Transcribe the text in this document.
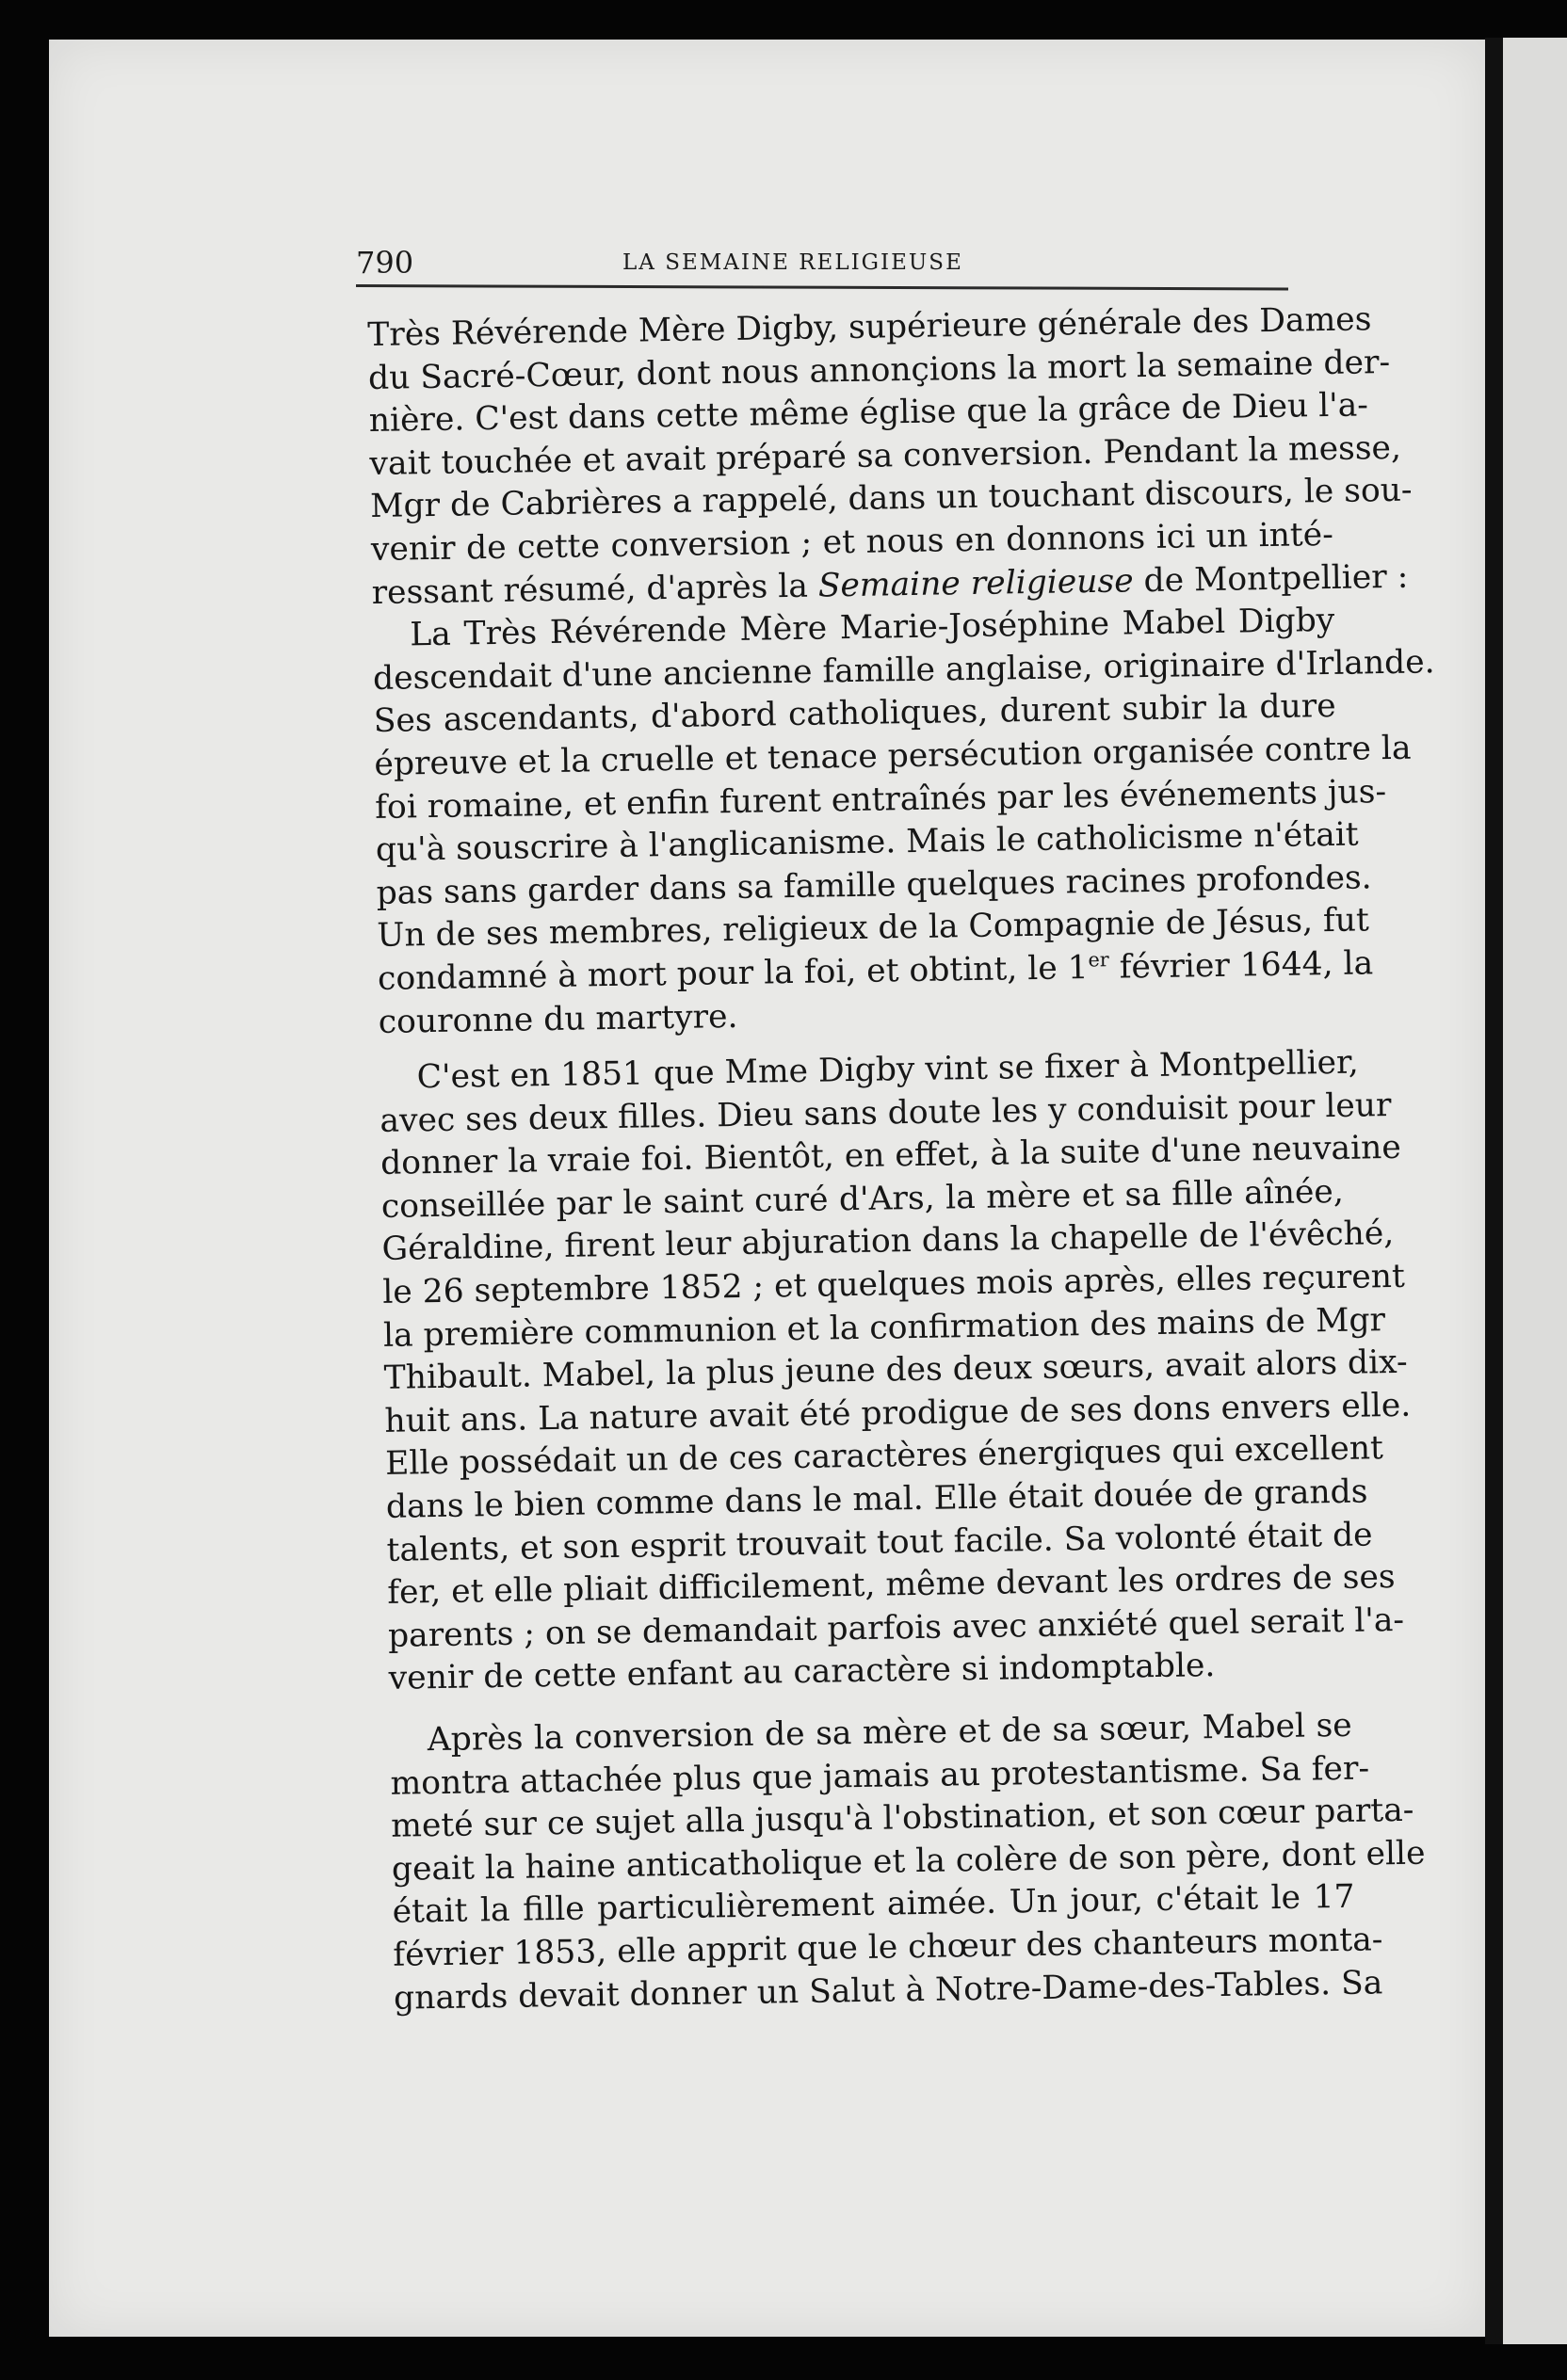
790	LA SEMAINE RELIGIEUSE
Très Révérende Mère Digby, supérieure générale des Dames
du Sacré-Cœur, dont nous annonçions la mort la semaine der-
nière. C'est dans cette même église que la grâce de Dieu l'a-
vait touchée et avait préparé sa conversion. Pendant la messe,
Mgr de Cabrières a rappelé, dans un touchant discours, le sou-
venir de cette conversion ; et nous en donnons ici un inté-
ressant résumé, d'après la Semaine religieuse de Montpellier :
La Très Révérende Mère Marie-Joséphine Mabel Digby
descendait d'une ancienne famille anglaise, originaire d'Irlande.
Ses ascendants, d'abord catholiques, durent subir la dure
épreuve et la cruelle et tenace persécution organisée contre la
foi romaine, et enfin furent entraînés par les événements jus-
qu'à souscrire à l'anglicanisme. Mais le catholicisme n'était
pas sans garder dans sa famille quelques racines profondes.
Un de ses membres, religieux de la Compagnie de Jésus, fut
condamné à mort pour la foi, et obtint, le 1er février 1644, la
couronne du martyre.
C'est en 1851 que Mme Digby vint se fixer à Montpellier,
avec ses deux filles. Dieu sans doute les y conduisit pour leur
donner la vraie foi. Bientôt, en effet, à la suite d'une neuvaine
conseillée par le saint curé d'Ars, la mère et sa fille aînée,
Géraldine, firent leur abjuration dans la chapelle de l'évêché,
le 26 septembre 1852 ; et quelques mois après, elles reçurent
la première communion et la confirmation des mains de Mgr
Thibault. Mabel, la plus jeune des deux sœurs, avait alors dix-
huit ans. La nature avait été prodigue de ses dons envers elle.
Elle possédait un de ces caractères énergiques qui excellent
dans le bien comme dans le mal. Elle était douée de grands
talents, et son esprit trouvait tout facile. Sa volonté était de
fer, et elle pliait difficilement, même devant les ordres de ses
parents ; on se demandait parfois avec anxiété quel serait l'a-
venir de cette enfant au caractère si indomptable.
Après la conversion de sa mère et de sa sœur, Mabel se
montra attachée plus que jamais au protestantisme. Sa fer-
meté sur ce sujet alla jusqu'à l'obstination, et son cœur parta-
geait la haine anticatholique et la colère de son père, dont elle
était la fille particulièrement aimée. Un jour, c'était le 17
février 1853, elle apprit que le chœur des chanteurs monta-
gnards devait donner un Salut à Notre-Dame-des-Tables. Sa
